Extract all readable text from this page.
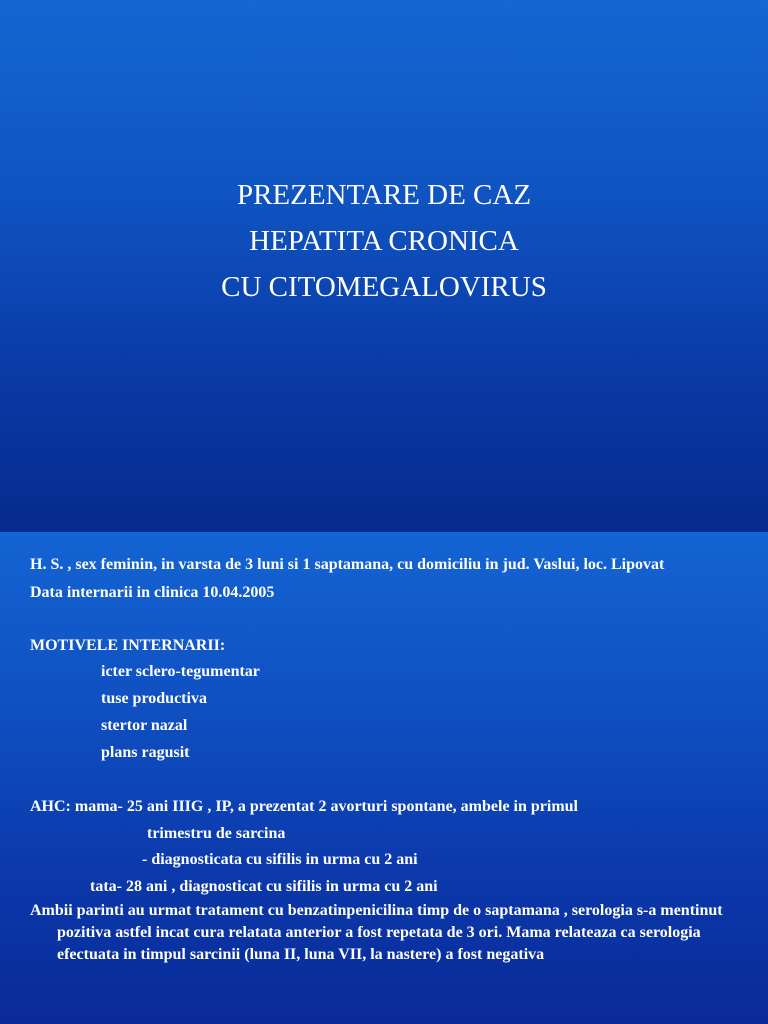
PREZENTARE DE CAZ
HEPATITA CRONICA
CU CITOMEGALOVIRUS

H. S. , sex feminin, in varsta de 3 luni si 1 saptamana, cu domiciliu in jud. Vaslui, loc. Lipovat

Data internarii in clinica 10.04.2005

MOTIVELE INTERNARII:

icter sclero-tegumentar

tuse productiva

stertor nazal

plans ragusit

AHC: mama- 25 ani IIIG , IP, a prezentat 2 avorturi spontane, ambele in primul

trimestru de sarcina

- diagnosticata cu sifilis in urma cu 2 ani

tata- 28 ani , diagnosticat cu sifilis in urma cu 2 ani

Ambii parinti au urmat tratament cu benzatinpenicilina timp de o saptamana , serologia s-a mentinut pozitiva astfel incat cura relatata anterior a fost repetata de 3 ori. Mama relateaza ca serologia efectuata in timpul sarcinii (luna II, luna VII, la nastere) a fost negativa
